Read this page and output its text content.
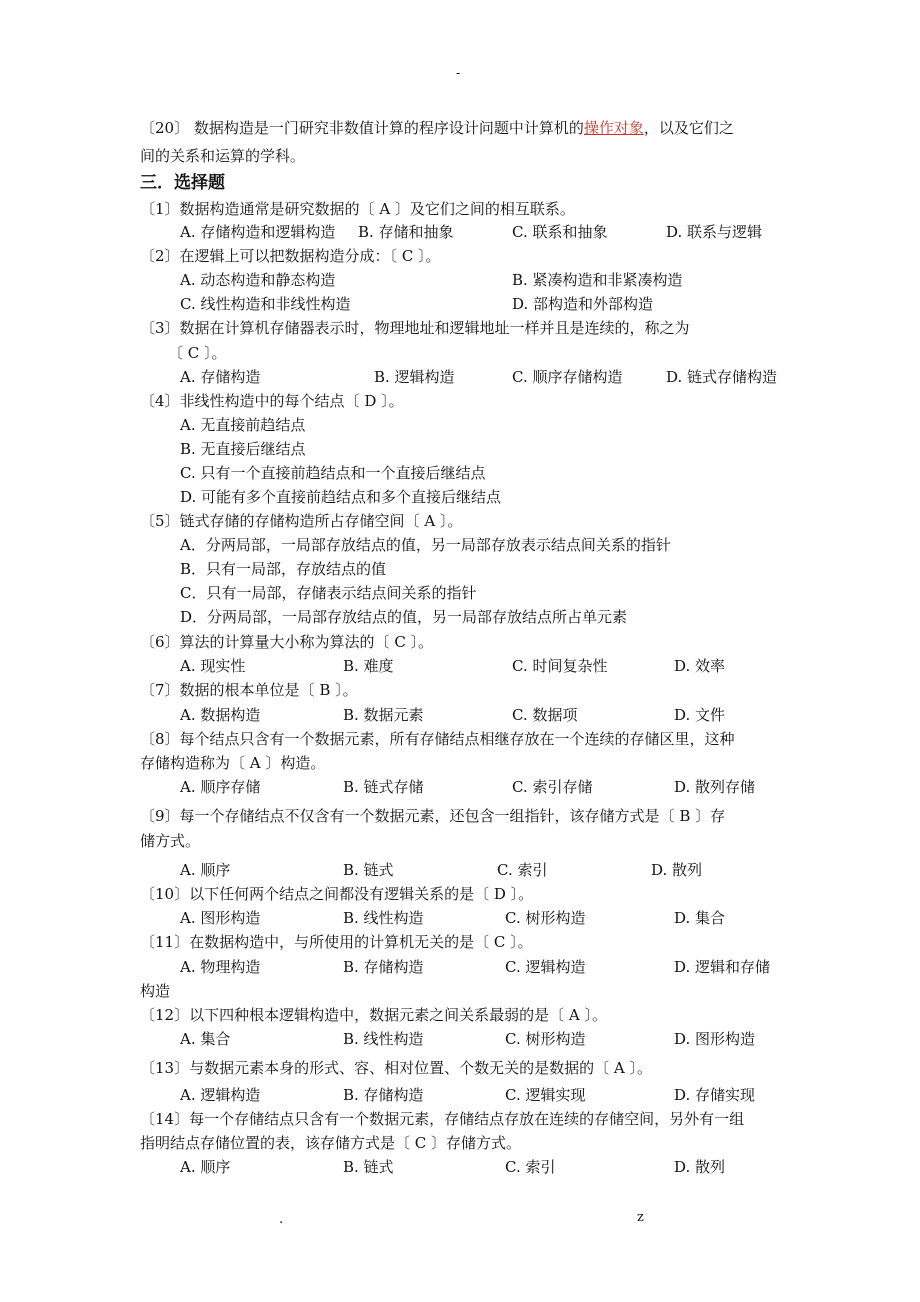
-
〔20〕 数据构造是一门研究非数值计算的程序设计问题中计算机的操作对象，以及它们之
间的关系和运算的学科。
三．选择题
〔1〕数据构造通常是研究数据的〔 A 〕及它们之间的相互联系。
A. 存储构造和逻辑构造 B. 存储和抽象	C. 联系和抽象	D. 联系与逻辑
〔2〕在逻辑上可以把数据构造分成：〔 C 〕。
A. 动态构造和静态构造	B. 紧凑构造和非紧凑构造
C. 线性构造和非线性构造	D. 部构造和外部构造
〔3〕数据在计算机存储器表示时，物理地址和逻辑地址一样并且是连续的，称之为
〔 C 〕。
A. 存储构造	B. 逻辑构造	C. 顺序存储构造	D. 链式存储构造
〔4〕非线性构造中的每个结点〔 D 〕。
A. 无直接前趋结点
B. 无直接后继结点
C. 只有一个直接前趋结点和一个直接后继结点
D. 可能有多个直接前趋结点和多个直接后继结点
〔5〕链式存储的存储构造所占存储空间〔 A 〕。
A．分两局部，一局部存放结点的值，另一局部存放表示结点间关系的指针
B．只有一局部，存放结点的值
C．只有一局部，存储表示结点间关系的指针
D．分两局部，一局部存放结点的值，另一局部存放结点所占单元素
〔6〕算法的计算量大小称为算法的〔 C 〕。
A. 现实性	B. 难度	C. 时间复杂性	D. 效率
〔7〕数据的根本单位是〔 B 〕。
A. 数据构造	B. 数据元素	C. 数据项	D. 文件
〔8〕每个结点只含有一个数据元素，所有存储结点相继存放在一个连续的存储区里，这种
存储构造称为〔 A 〕构造。
A. 顺序存储	B. 链式存储	C. 索引存储	D. 散列存储
〔9〕每一个存储结点不仅含有一个数据元素，还包含一组指针，该存储方式是〔 B 〕存
储方式。
A. 顺序	B. 链式	C. 索引	D. 散列
〔10〕以下任何两个结点之间都没有逻辑关系的是〔 D 〕。
A. 图形构造	B. 线性构造	C. 树形构造	D. 集合
〔11〕在数据构造中，与所使用的计算机无关的是〔 C 〕。
A. 物理构造	B. 存储构造	C. 逻辑构造	D. 逻辑和存储
构造
〔12〕以下四种根本逻辑构造中，数据元素之间关系最弱的是〔 A 〕。
A. 集合	B. 线性构造	C. 树形构造	D. 图形构造
〔13〕与数据元素本身的形式、容、相对位置、个数无关的是数据的〔 A 〕。
A. 逻辑构造	B. 存储构造	C. 逻辑实现	D. 存储实现
〔14〕每一个存储结点只含有一个数据元素，存储结点存放在连续的存储空间，另外有一组
指明结点存储位置的表，该存储方式是〔 C 〕存储方式。
A. 顺序	B. 链式	C. 索引	D. 散列
.	z
